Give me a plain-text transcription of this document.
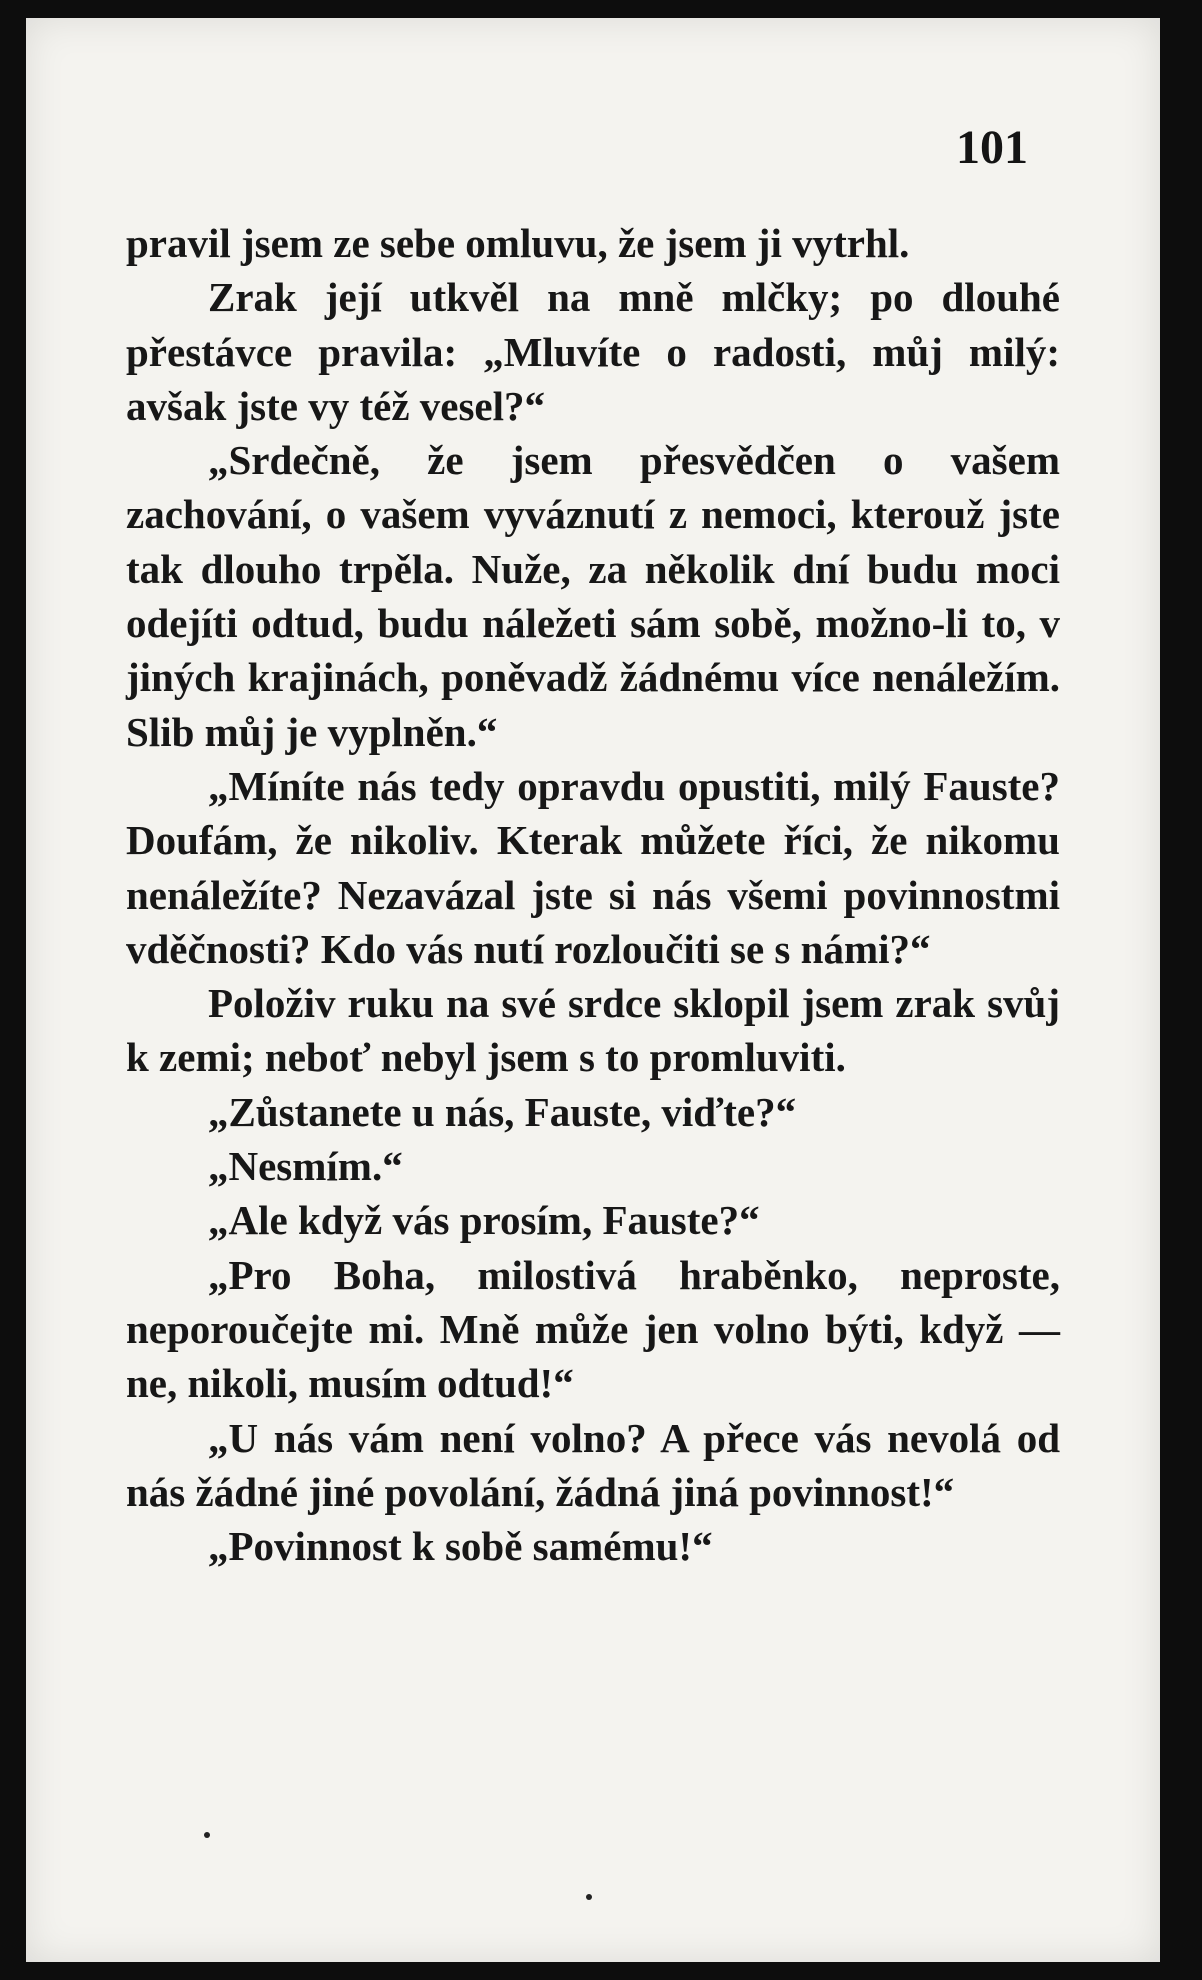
101

pravil jsem ze sebe omluvu, že jsem ji vytrhl.

Zrak její utkvěl na mně mlčky; po dlouhé přestávce pravila: „Mluvíte o radosti, můj milý: avšak jste vy též vesel?“

„Srdečně, že jsem přesvědčen o vašem zachování, o vašem vyváznutí z nemoci, kterouž jste tak dlouho trpěla. Nuže, za několik dní budu moci odejíti odtud, budu náležeti sám sobě, možno-li to, v jiných krajinách, poněvadž žádnému více nenáležím. Slib můj je vyplněn.“

„Míníte nás tedy opravdu opustiti, milý Fauste? Doufám, že nikoliv. Kterak můžete říci, že nikomu nenáležíte? Nezavázal jste si nás všemi povinnostmi vděčnosti? Kdo vás nutí rozloučiti se s námi?“

Položiv ruku na své srdce sklopil jsem zrak svůj k zemi; neboť nebyl jsem s to promluviti.

„Zůstanete u nás, Fauste, viďte?“

„Nesmím.“

„Ale když vás prosím, Fauste?“

„Pro Boha, milostivá hraběnko, neproste, neporoučejte mi. Mně může jen volno býti, když — ne, nikoli, musím odtud!“

„U nás vám není volno? A přece vás nevolá od nás žádné jiné povolání, žádná jiná povinnost!“

„Povinnost k sobě samému!“
